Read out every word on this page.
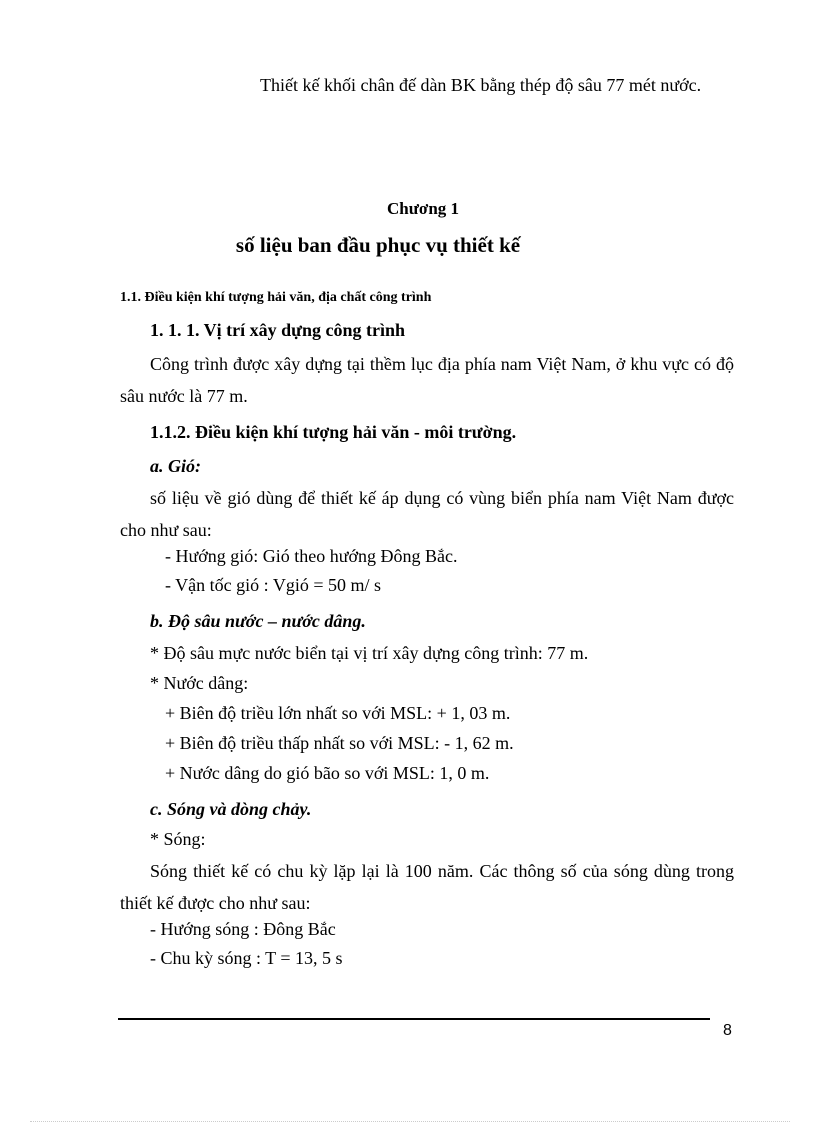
Thiết kế khối chân đế dàn BK bằng thép độ sâu 77 mét nước.
Chương 1
số liệu ban đầu phục vụ thiết kế
1.1. Điều kiện khí tượng hải văn, địa chất công trình
1. 1. 1. Vị trí xây dựng công trình
Công trình được xây dựng tại thềm lục địa phía nam Việt Nam, ở khu vực có độ sâu nước là 77 m.
1.1.2. Điều kiện khí tượng hải văn - môi trường.
a. Gió:
số liệu về gió dùng để thiết kế áp dụng có vùng biển phía nam Việt Nam được cho như sau:
- Hướng gió: Gió theo hướng Đông Bắc.
- Vận tốc gió : Vgió = 50 m/ s
b. Độ sâu nước – nước dâng.
* Độ sâu mực nước biển tại vị trí xây dựng công trình: 77 m.
* Nước dâng:
+ Biên độ triều lớn nhất so với MSL: + 1, 03 m.
+ Biên độ triều thấp nhất so với MSL: - 1, 62 m.
+ Nước dâng do gió bão so với MSL: 1, 0 m.
c. Sóng và dòng chảy.
* Sóng:
Sóng thiết kế có chu kỳ lặp lại là 100 năm. Các thông số của sóng dùng trong thiết kế được cho như sau:
- Hướng sóng : Đông Bắc
- Chu kỳ sóng : T = 13, 5 s
8
